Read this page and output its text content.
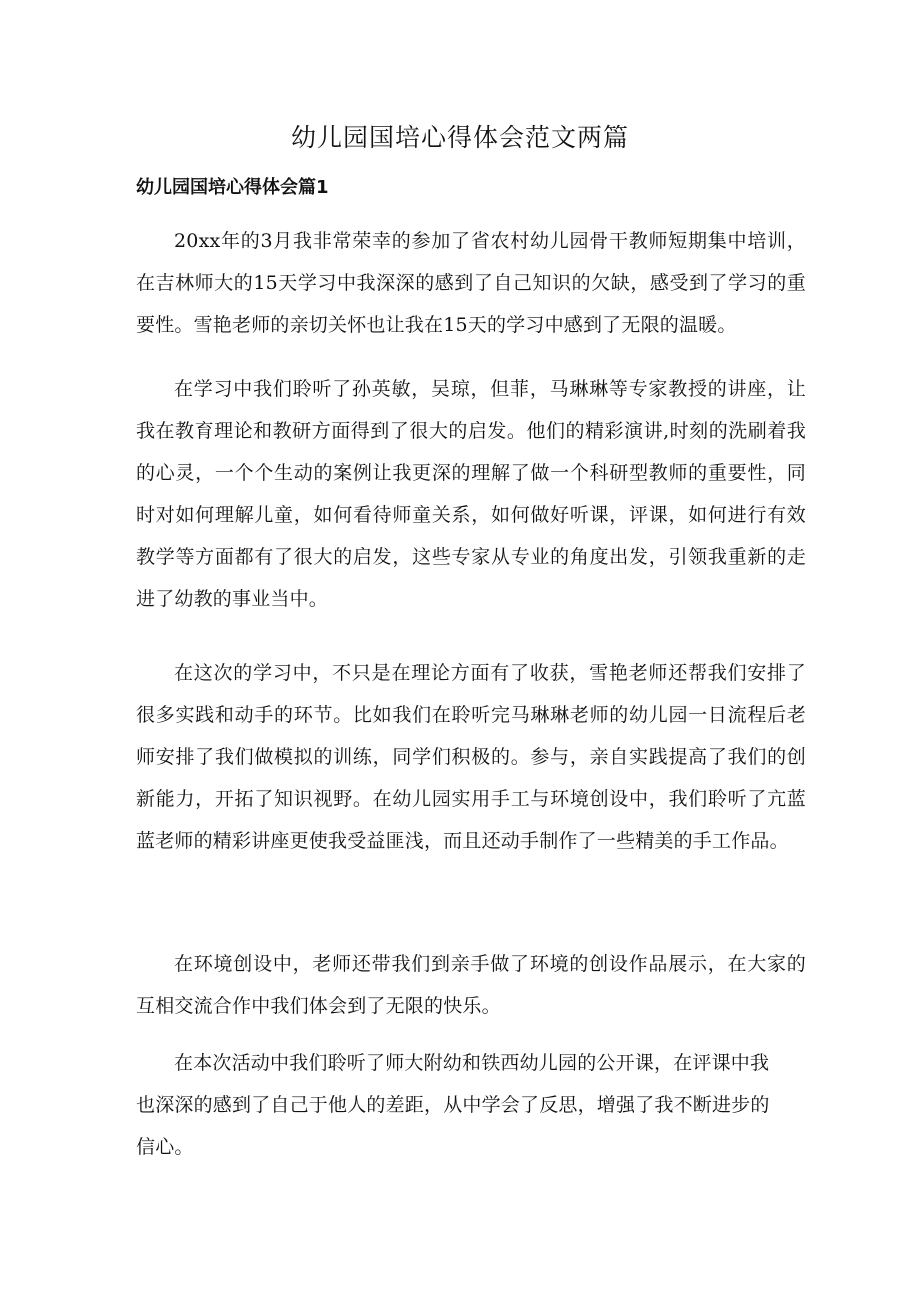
幼儿园国培心得体会范文两篇
幼儿园国培心得体会篇1

20xx年的3月我非常荣幸的参加了省农村幼儿园骨干教师短期集中培训，在吉林师大的15天学习中我深深的感到了自己知识的欠缺，感受到了学习的重要性。雪艳老师的亲切关怀也让我在15天的学习中感到了无限的温暖。

在学习中我们聆听了孙英敏，吴琼，但菲，马琳琳等专家教授的讲座，让我在教育理论和教研方面得到了很大的启发。他们的精彩演讲,时刻的洗刷着我的心灵，一个个生动的案例让我更深的理解了做一个科研型教师的重要性，同时对如何理解儿童，如何看待师童关系，如何做好听课，评课，如何进行有效教学等方面都有了很大的启发，这些专家从专业的角度出发，引领我重新的走进了幼教的事业当中。

在这次的学习中，不只是在理论方面有了收获，雪艳老师还帮我们安排了很多实践和动手的环节。比如我们在聆听完马琳琳老师的幼儿园一日流程后老师安排了我们做模拟的训练，同学们积极的。参与，亲自实践提高了我们的创新能力，开拓了知识视野。在幼儿园实用手工与环境创设中，我们聆听了亢蓝蓝老师的精彩讲座更使我受益匪浅，而且还动手制作了一些精美的手工作品。

在环境创设中，老师还带我们到亲手做了环境的创设作品展示，在大家的互相交流合作中我们体会到了无限的快乐。

在本次活动中我们聆听了师大附幼和铁西幼儿园的公开课，在评课中我也深深的感到了自己于他人的差距，从中学会了反思，增强了我不断进步的信心。
